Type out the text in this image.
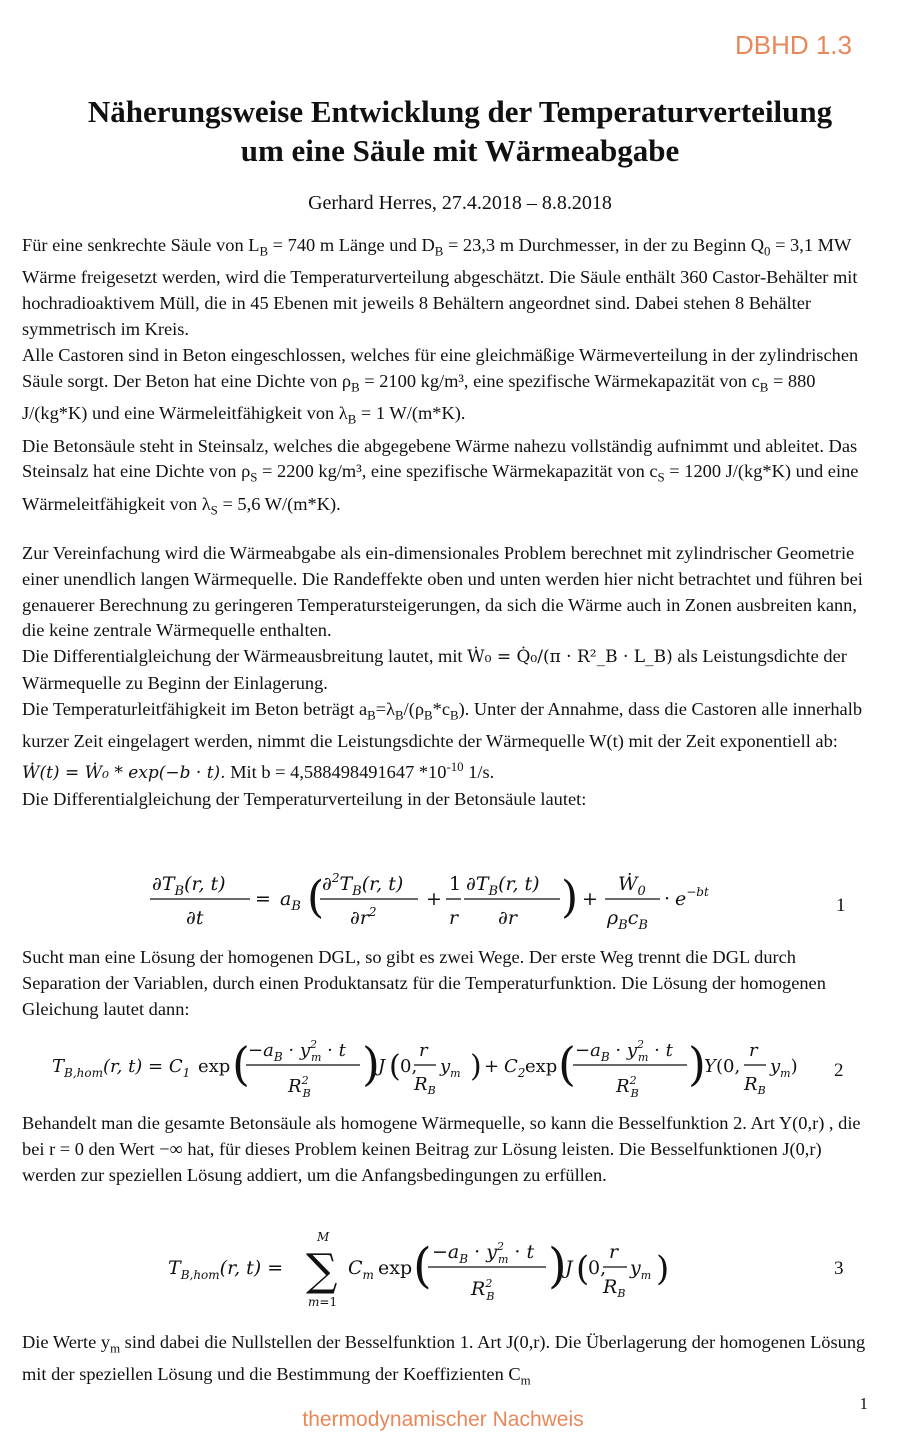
DBHD 1.3
Näherungsweise Entwicklung der Temperaturverteilung
um eine Säule mit Wärmeabgabe
Gerhard Herres, 27.4.2018 – 8.8.2018

Für eine senkrechte Säule von $L_B = 740$ m Länge und $D_B = 23,3$ m Durchmesser, in der zu Beginn $Q_0 = 3,1$ MW Wärme freigesetzt werden, wird die Temperaturverteilung abgeschätzt. Die Säule enthält 360 Castor-Behälter mit hochradioaktivem Müll, die in 45 Ebenen mit jeweils 8 Behältern angeordnet sind. Dabei stehen 8 Behälter symmetrisch im Kreis.

Alle Castoren sind in Beton eingeschlossen, welches für eine gleichmäßige Wärmeverteilung in der zylindrischen Säule sorgt. Der Beton hat eine Dichte von $\rho_B = 2100$ kg/m³, eine spezifische Wärmekapazität von $c_B = 880$ J/(kg*K) und eine Wärmeleitfähigkeit von $\lambda_B = 1$ W/(m*K).

Die Betonsäule steht in Steinsalz, welches die abgegebene Wärme nahezu vollständig aufnimmt und ableitet. Das Steinsalz hat eine Dichte von $\rho_S = 2200$ kg/m³, eine spezifische Wärmekapazität von $c_S = 1200$ J/(kg*K) und eine Wärmeleitfähigkeit von $\lambda_S = 5,6$ W/(m*K).

Zur Vereinfachung wird die Wärmeabgabe als ein-dimensionales Problem berechnet mit zylindrischer Geometrie einer unendlich langen Wärmequelle. Die Randeffekte oben und unten werden hier nicht betrachtet und führen bei genauerer Berechnung zu geringeren Temperatursteigerungen, da sich die Wärme auch in Zonen ausbreiten kann, die keine zentrale Wärmequelle enthalten.

Die Differentialgleichung der Wärmeausbreitung lautet, mit Ẇ₀ = Q̇₀/(π · R²_B · L_B) als Leistungsdichte der Wärmequelle zu Beginn der Einlagerung.

Die Temperaturleitfähigkeit im Beton beträgt $a_B=\lambda_B/(\rho_B*c_B)$. Unter der Annahme, dass die Castoren alle innerhalb kurzer Zeit eingelagert werden, nimmt die Leistungsdichte der Wärmequelle W(t) mit der Zeit exponentiell ab: Ẇ(t) = Ẇ₀ * exp(−b · t). Mit b = 4,588498491647 $*10^{-10}$ 1/s.

Die Differentialgleichung der Temperaturverteilung in der Betonsäule lautet:

$\partial T_B(r$, t)
∂t
= $a_B$ (
$\partial^2T_B(r$, t)
$\partial r^2$
+
1
r
$\partial T_B(r$, t)
∂r ) +
Ẇ$_0$
$\rho_Bc_B$
· $e^{-bt}$
1

Sucht man eine Lösung der homogenen DGL, so gibt es zwei Wege. Der erste Weg trennt die DGL durch Separation der Variablen, durch einen Produktansatz für die Temperaturfunktion. Die Lösung der homogenen Gleichung lautet dann:

$T_{B,hom}(r$, $t) = C_1$ exp (
$-a_B \cdot y^2$ m · t
$R^2$ B
)
J ( 0,
r
$R_B$
$y_m$ ) + $C_2$ exp ( $-a_B \cdot y^2$ m · t
$R^2$ B
)
Y (0,
r
$R_B$
$y_m$) 2

Behandelt man die gesamte Betonsäule als homogene Wärmequelle, so kann die Besselfunktion 2. Art Y(0,r) , die bei r = 0 den Wert −∞ hat, für dieses Problem keinen Beitrag zur Lösung leisten. Die Besselfunktionen J(0,r) werden zur speziellen Lösung addiert, um die Anfangsbedingungen zu erfüllen.

$T_{B,hom}(r$, t) =
M
∑
m=1
$C_m$ exp ( $-a_B \cdot y^2$ m · t
$R^2$ B
)
J (
0,
r
$R_B$
$y_m$ )	3

Die Werte $y_m$ sind dabei die Nullstellen der Besselfunktion 1. Art J(0,r). Die Überlagerung der homogenen Lösung mit der speziellen Lösung und die Bestimmung der Koeffizienten $C_m$

1
thermodynamischer Nachweis
